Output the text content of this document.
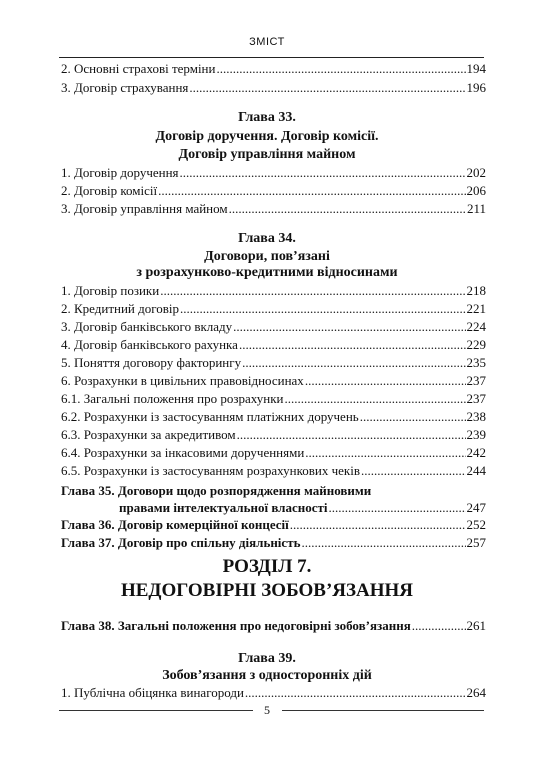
ЗМІСТ
2. Основні страхові терміни .....	194
3. Договір страхування .....	196
Глава 33.
Договір доручення. Договір комісії.
Договір управління майном
1. Договір доручення .....	202
2. Договір комісії .....	206
3. Договір управління майном .....	211
Глава 34.
Договори, пов’язані
з розрахунково-кредитними відносинами
1. Договір позики .....	218
2. Кредитний договір .....	221
3. Договір банківського вкладу .....	224
4. Договір банківського рахунка .....	229
5. Поняття договору факторингу .....	235
6. Розрахунки в цивільних правовідносинах .....	237
6.1. Загальні положення про розрахунки .....	237
6.2. Розрахунки із застосуванням платіжних доручень .....	238
6.3. Розрахунки за акредитивом .....	239
6.4. Розрахунки за інкасовими дорученнями .....	242
6.5. Розрахунки із застосуванням розрахункових чеків .....	244
Глава 35. Договори щодо розпорядження майновими
правами інтелектуальної власності .....	247
Глава 36. Договір комерційної концесії .....	252
Глава 37. Договір про спільну діяльність .....	257
РОЗДІЛ 7.
НЕДОГОВІРНІ ЗОБОВ’ЯЗАННЯ
Глава 38. Загальні положення про недоговірні зобов’язання .....	261
Глава 39.
Зобов’язання з односторонніх дій
1. Публічна обіцянка винагороди .....	264
5
